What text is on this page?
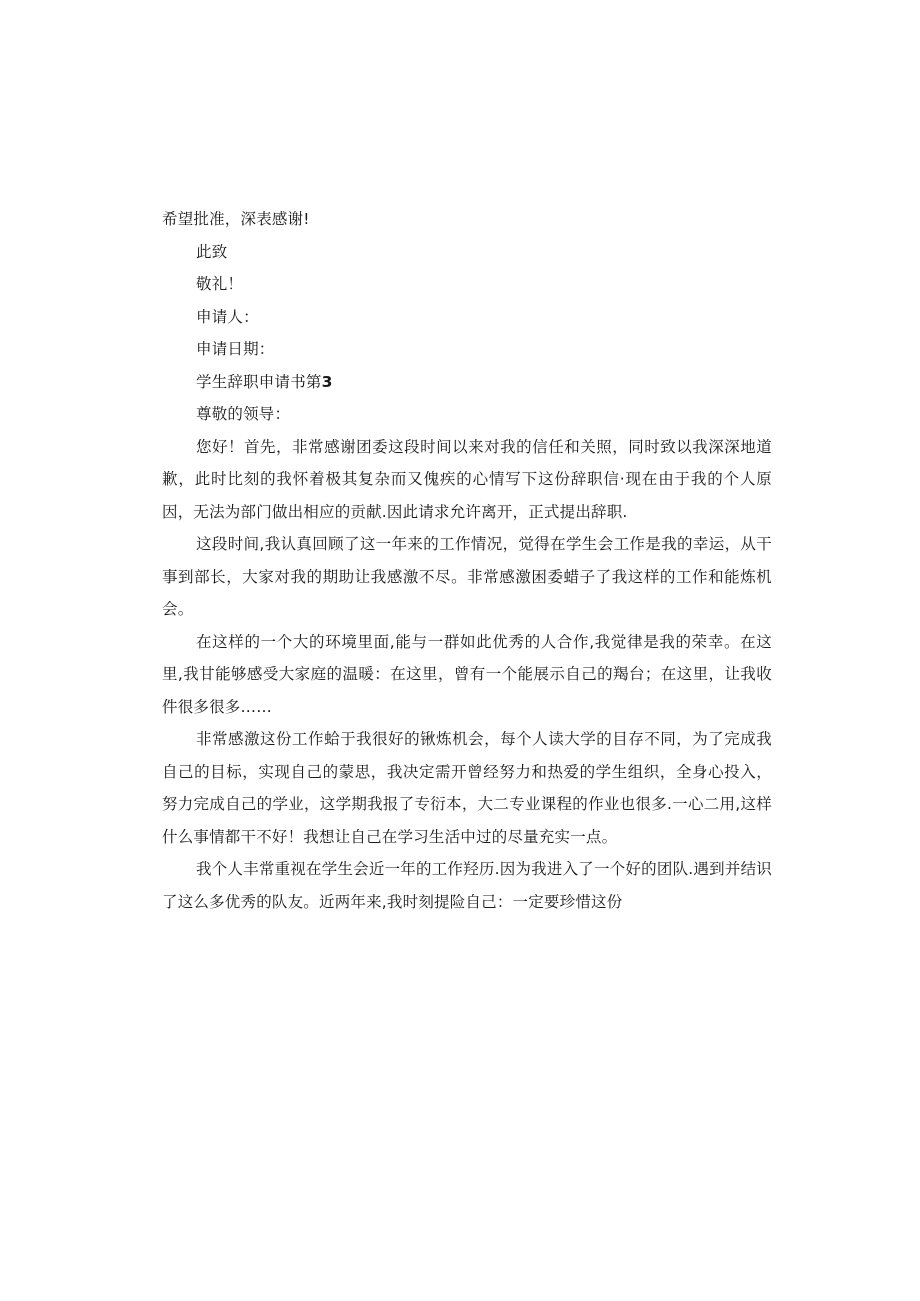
希望批准，深表感谢!

此致

敬礼！

申请人：

申请日期：

学生辞职申请书第3

尊敬的领导：

您好！首先，非常感谢团委这段时间以来对我的信任和关照，同时致以我深深地道歉，此时比刻的我怀着极其复杂而又傀疾的心情写下这份辞职信·现在由于我的个人原因，无法为部门做出相应的贡献.因此请求允许离开，正式提出辞职.

这段时间,我认真回顾了这一年来的工作情况，觉得在学生会工作是我的幸运，从干事到部长，大家对我的期助让我感激不尽。非常感激困委蜡子了我这样的工作和能炼机会。

在这样的一个大的环境里面,能与一群如此优秀的人合作,我觉律是我的荣幸。在这里,我甘能够感受大家庭的温暖：在这里，曾有一个能展示自己的羯台；在这里，让我收件很多很多……

非常感激这份工作蛤于我很好的锹炼机会，每个人读大学的目存不同，为了完成我自己的目标，实现自己的蒙思，我决定需开曾经努力和热爱的学生组织，全身心投入，努力完成自己的学业，这学期我报了专衍本，大二专业课程的作业也很多.一心二用,这样什么事情都干不好！我想让自己在学习生活中过的尽量充实一点。

我个人丰常重视在学生会近一年的工作羟历.因为我进入了一个好的团队.遇到并结识了这么多优秀的队友。近两年来,我时刻提险自己：一定要珍惜这份
